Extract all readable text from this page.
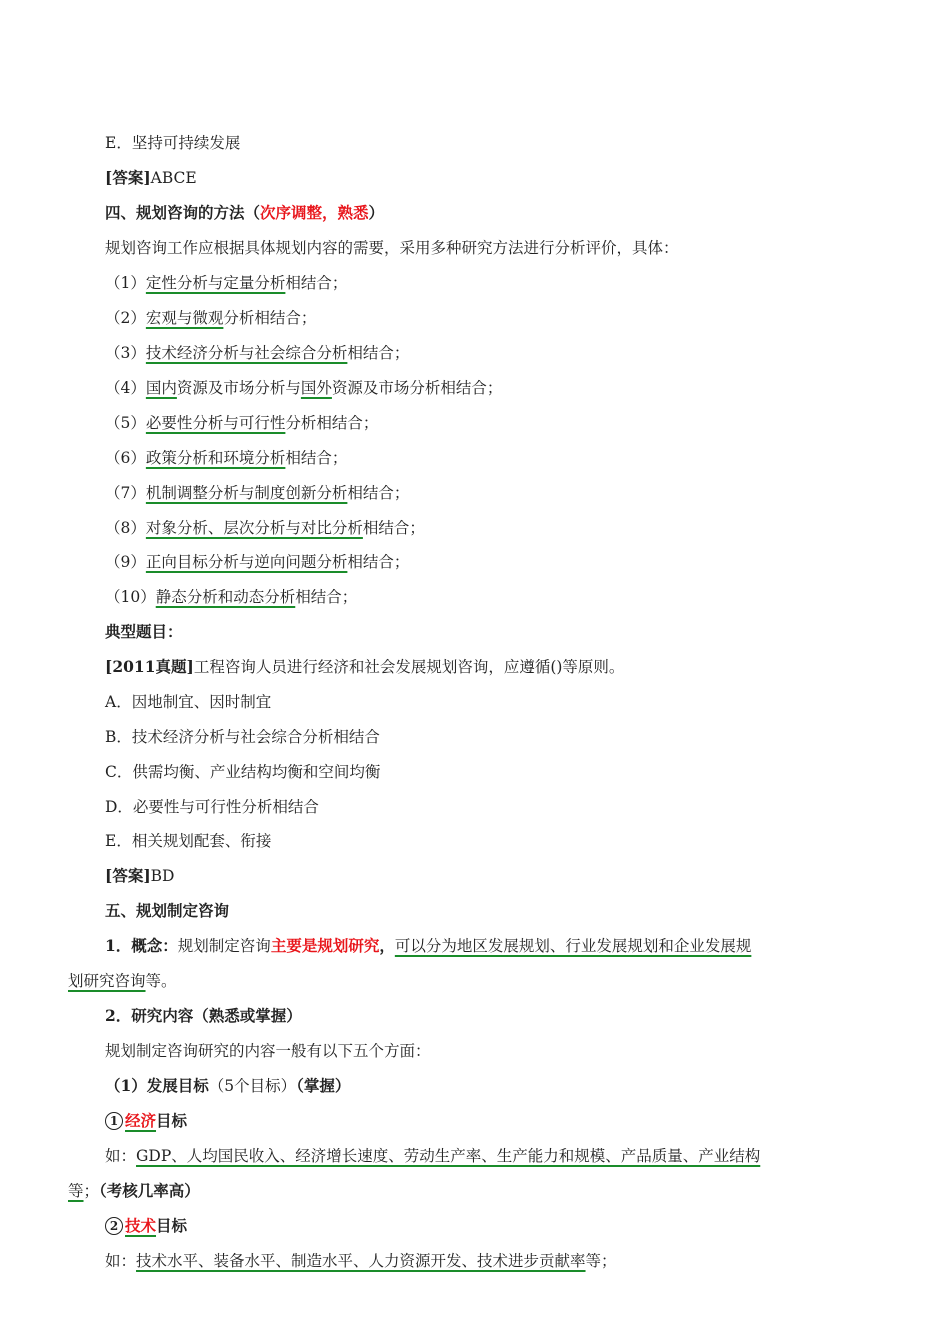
E．坚持可持续发展
[答案]ABCE
四、规划咨询的方法（次序调整，熟悉）
规划咨询工作应根据具体规划内容的需要，采用多种研究方法进行分析评价，具体：
（1）定性分析与定量分析相结合；
（2）宏观与微观分析相结合；
（3）技术经济分析与社会综合分析相结合；
（4）国内资源及市场分析与国外资源及市场分析相结合；
（5）必要性分析与可行性分析相结合；
（6）政策分析和环境分析相结合；
（7）机制调整分析与制度创新分析相结合；
（8）对象分析、层次分析与对比分析相结合；
（9）正向目标分析与逆向问题分析相结合；
（10）静态分析和动态分析相结合；
典型题目：
[2011真题]工程咨询人员进行经济和社会发展规划咨询，应遵循()等原则。
A．因地制宜、因时制宜
B．技术经济分析与社会综合分析相结合
C．供需均衡、产业结构均衡和空间均衡
D．必要性与可行性分析相结合
E．相关规划配套、衔接
[答案]BD
五、规划制定咨询
1．概念：规划制定咨询主要是规划研究，可以分为地区发展规划、行业发展规划和企业发展规
划研究咨询等。
2．研究内容（熟悉或掌握）
规划制定咨询研究的内容一般有以下五个方面：
（1）发展目标（5个目标）（掌握）
1 经济目标
如：GDP、人均国民收入、经济增长速度、劳动生产率、生产能力和规模、产品质量、产业结构
等；（考核几率高）
2 技术目标
如：技术水平、装备水平、制造水平、人力资源开发、技术进步贡献率等；
